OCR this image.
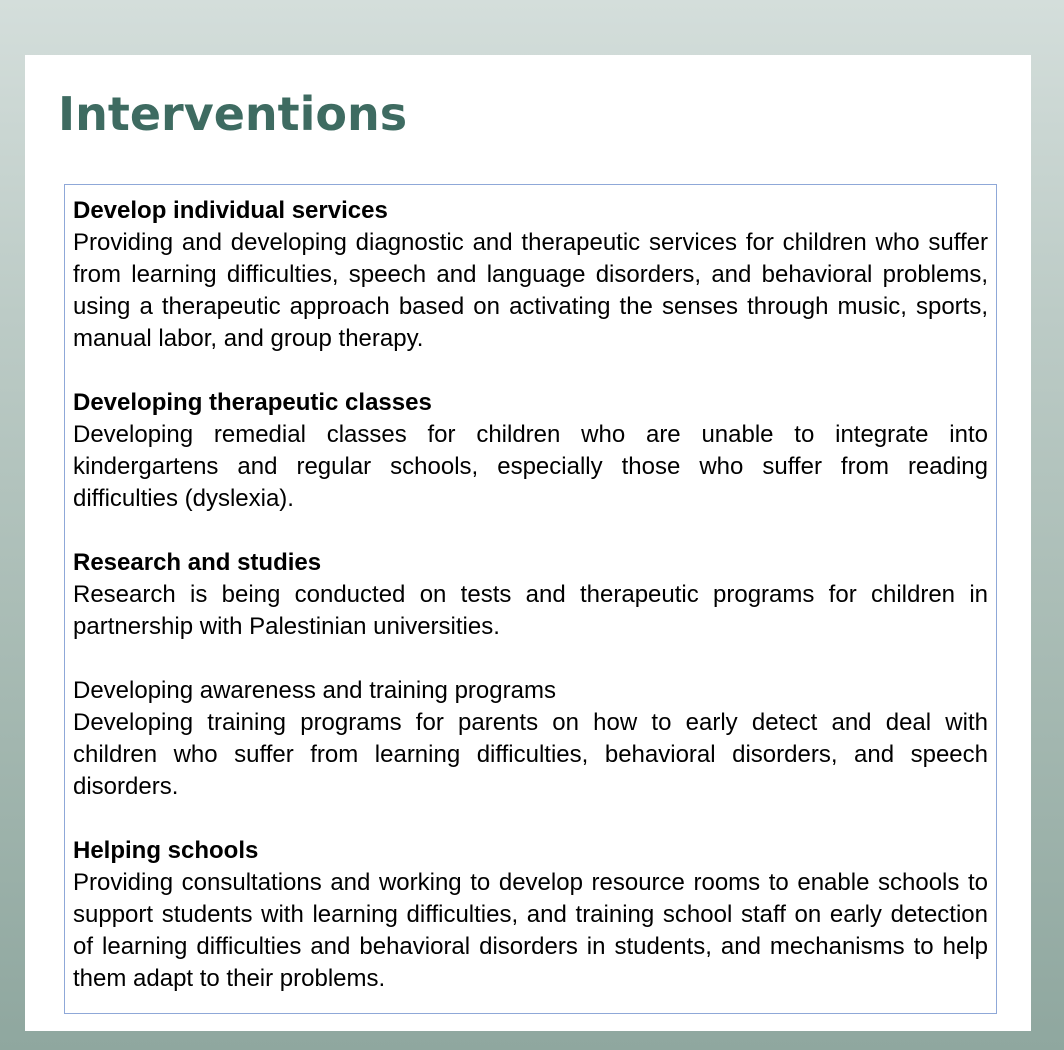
Interventions
Develop individual services
Providing and developing diagnostic and therapeutic services for children who suffer from learning difficulties, speech and language disorders, and behavioral problems, using a therapeutic approach based on activating the senses through music, sports, manual labor, and group therapy.
Developing therapeutic classes
Developing remedial classes for children who are unable to integrate into kindergartens and regular schools, especially those who suffer from reading difficulties (dyslexia).
Research and studies
Research is being conducted on tests and therapeutic programs for children in partnership with Palestinian universities.
Developing awareness and training programs
Developing training programs for parents on how to early detect and deal with children who suffer from learning difficulties, behavioral disorders, and speech disorders.
Helping schools
Providing consultations and working to develop resource rooms to enable schools to support students with learning difficulties, and training school staff on early detection of learning difficulties and behavioral disorders in students, and mechanisms to help them adapt to their problems.
